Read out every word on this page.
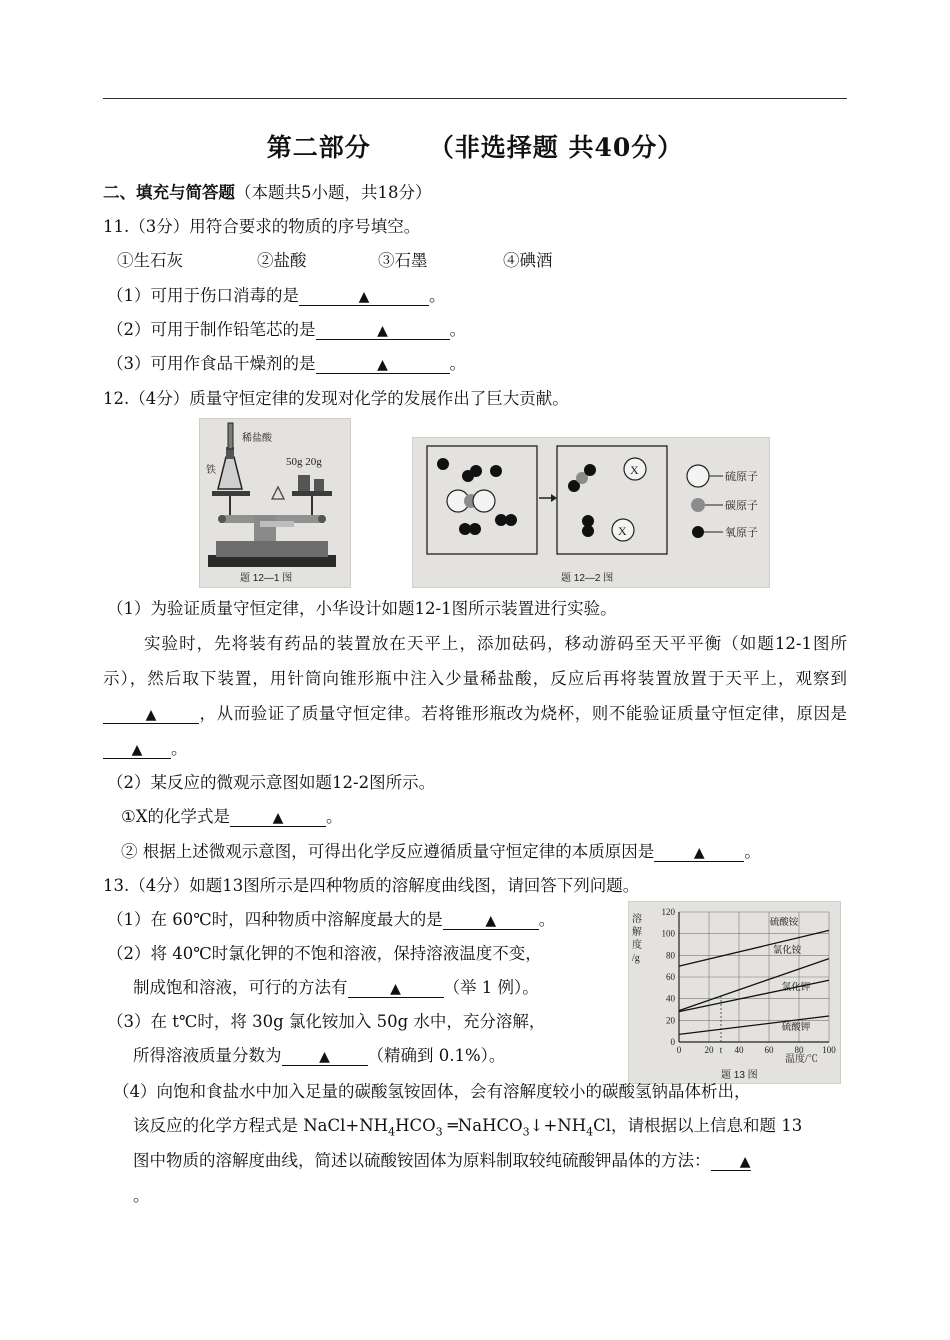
第二部分 （非选择题 共40分）
二、填充与简答题（本题共5小题，共18分）
11.（3分）用符合要求的物质的序号填空。
①生石灰	②盐酸	③石墨	④碘酒
（1）可用于伤口消毒的是	▲	。
（2）可用于制作铅笔芯的是	▲	。
（3）可用作食品干燥剂的是	▲	。
12.（4分）质量守恒定律的发现对化学的发展作出了巨大贡献。
稀盐酸
铁
50g 20g
题 12—1 图
X
X
硫原子
碳原子
氧原子
题 12—2 图
（1）为验证质量守恒定律，小华设计如题12-1图所示装置进行实验。
实验时，先将装有药品的装置放在天平上，添加砝码，移动游码至天平平衡（如题12-1图所示），然后取下装置，用针筒向锥形瓶中注入少量稀盐酸，反应后再将装置放置于天平上，观察到▲	，从而验证了质量守恒定律。若将锥形瓶改为烧杯，则不能验证质量守恒定律，原因是▲ 。
（2）某反应的微观示意图如题12-2图所示。
①X的化学式是	▲	。
② 根据上述微观示意图，可得出化学反应遵循质量守恒定律的本质原因是	▲ 。
13.（4分）如题13图所示是四种物质的溶解度曲线图，请回答下列问题。
（1）在 60℃时，四种物质中溶解度最大的是	▲	。
（2）将 40℃时氯化钾的不饱和溶液，保持溶液温度不变，
制成饱和溶液，可行的方法有	▲	（举 1 例）。
（3）在 t℃时，将 30g 氯化铵加入 50g 水中，充分溶解，
所得溶液质量分数为	▲ （精确到 0.1%）。
溶
解
度
/g
温度/℃
题 13 图
0
20
40
60
80
100
120
0	20 t 40 60 80 100
硫酸铵
氯化铵
氯化钾
硫酸钾
（4）向饱和食盐水中加入足量的碳酸氢铵固体，会有溶解度较小的碳酸氢钠晶体析出，
该反应的化学方程式是 $NaCl+NH_4HCO_3$ $═NaHCO_3↓+NH_4Cl$，请根据以上信息和题 13
图中物质的溶解度曲线，简述以硫酸铵固体为原料制取较纯硫酸钾晶体的方法： ▲
。
